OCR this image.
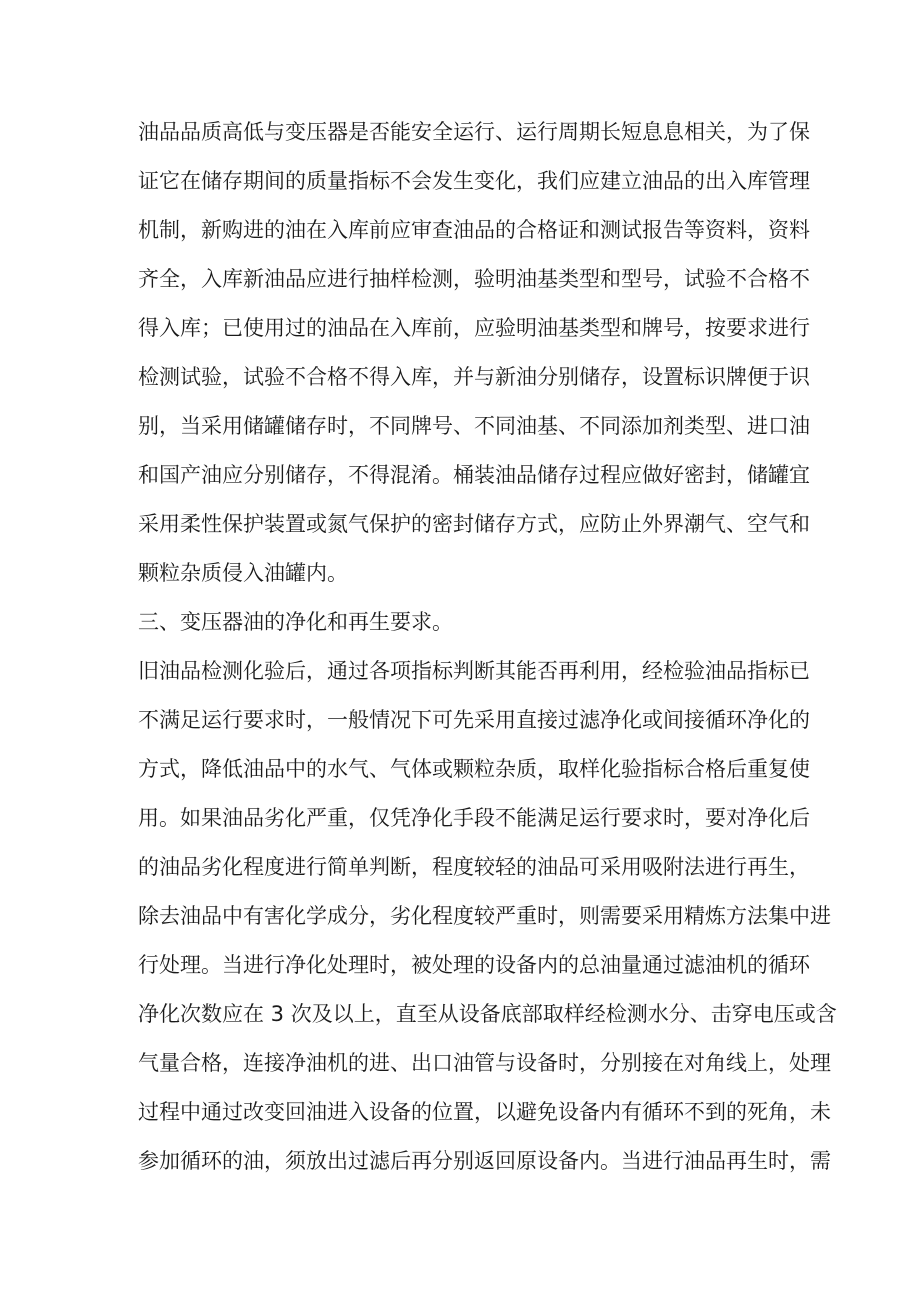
油品品质高低与变压器是否能安全运行、运行周期长短息息相关，为了保
证它在储存期间的质量指标不会发生变化，我们应建立油品的出入库管理
机制，新购进的油在入库前应审查油品的合格证和测试报告等资料，资料
齐全，入库新油品应进行抽样检测，验明油基类型和型号，试验不合格不
得入库；已使用过的油品在入库前，应验明油基类型和牌号，按要求进行
检测试验，试验不合格不得入库，并与新油分别储存，设置标识牌便于识
别，当采用储罐储存时，不同牌号、不同油基、不同添加剂类型、进口油
和国产油应分别储存，不得混淆。桶装油品储存过程应做好密封，储罐宜
采用柔性保护装置或氮气保护的密封储存方式，应防止外界潮气、空气和
颗粒杂质侵入油罐内。
三、变压器油的净化和再生要求。
旧油品检测化验后，通过各项指标判断其能否再利用，经检验油品指标已
不满足运行要求时，一般情况下可先采用直接过滤净化或间接循环净化的
方式，降低油品中的水气、气体或颗粒杂质，取样化验指标合格后重复使
用。如果油品劣化严重，仅凭净化手段不能满足运行要求时，要对净化后
的油品劣化程度进行简单判断，程度较轻的油品可采用吸附法进行再生，
除去油品中有害化学成分，劣化程度较严重时，则需要采用精炼方法集中进
行处理。当进行净化处理时，被处理的设备内的总油量通过滤油机的循环
净化次数应在 3 次及以上，直至从设备底部取样经检测水分、击穿电压或含
气量合格，连接净油机的进、出口油管与设备时，分别接在对角线上，处理
过程中通过改变回油进入设备的位置，以避免设备内有循环不到的死角，未
参加循环的油，须放出过滤后再分别返回原设备内。当进行油品再生时，需
